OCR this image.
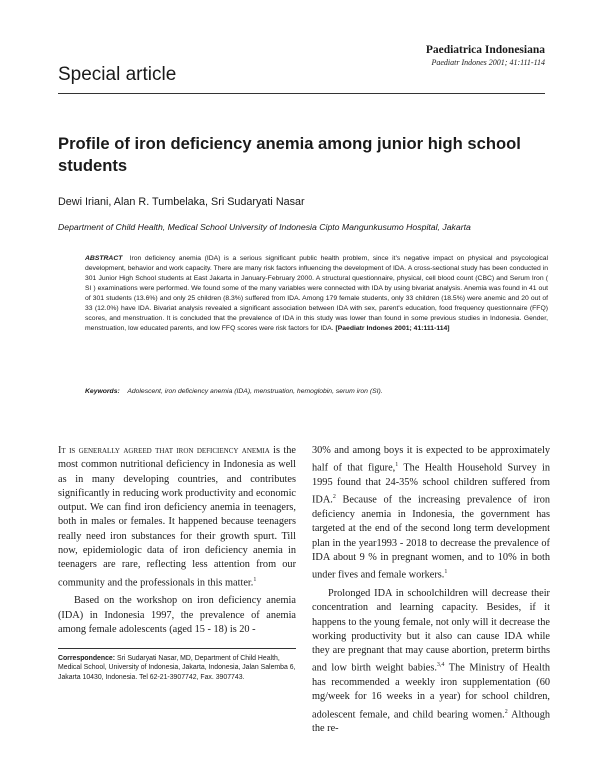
Paediatrica Indonesiana
Paediatr Indones 2001; 41:111-114
Special article
Profile of iron deficiency anemia among junior high school students
Dewi Iriani, Alan R. Tumbelaka, Sri Sudaryati Nasar
Department of Child Health, Medical School University of Indonesia Cipto Mangunkusumo Hospital, Jakarta
ABSTRACT Iron deficiency anemia (IDA) is a serious significant public health problem, since it's negative impact on physical and psycological development, behavior and work capacity. There are many risk factors influencing the development of IDA. A cross-sectional study has been conducted in 301 Junior High School students at East Jakarta in January-February 2000. A structural questionnaire, physical, cell blood count (CBC) and Serum Iron ( SI ) examinations were performed. We found some of the many variables were connected with IDA by using bivariat analysis. Anemia was found in 41 out of 301 students (13.6%) and only 25 children (8.3%) suffered from IDA. Among 179 female students, only 33 children (18.5%) were anemic and 20 out of 33 (12.0%) have IDA. Bivariat analysis revealed a significant association between IDA with sex, parent's education, food frequency questionnaire (FFQ) scores, and menstruation. It is concluded that the prevalence of IDA in this study was lower than found in some previous studies in Indonesia. Gender, menstruation, low educated parents, and low FFQ scores were risk factors for IDA. [Paediatr Indones 2001; 41:111-114]
Keywords: Adolescent, iron deficiency anemia (IDA), menstruation, hemoglobin, serum iron (SI).

It is generally agreed that iron deficiency anemia is the most common nutritional deficiency in Indonesia as well as in many developing countries, and contributes significantly in reducing work productivity and economic output. We can find iron deficiency anemia in teenagers, both in males or females. It happened because teenagers really need iron substances for their growth spurt. Till now, epidemiologic data of iron deficiency anemia in teenagers are rare, reflecting less attention from our community and the professionals in this matter.$^1$

Based on the workshop on iron deficiency anemia (IDA) in Indonesia 1997, the prevalence of anemia among female adolescents (aged 15 - 18) is 20 -

Correspondence: Sri Sudaryati Nasar, MD, Department of Child Health, Medical School, University of Indonesia, Jakarta, Indonesia, Jalan Salemba 6, Jakarta 10430, Indonesia. Tel 62-21-3907742, Fax. 3907743.

30% and among boys it is expected to be approximately half of that figure,$^1$ The Health Household Survey in 1995 found that 24-35% school children suffered from IDA.$^2$ Because of the increasing prevalence of iron deficiency anemia in Indonesia, the government has targeted at the end of the second long term development plan in the year1993 - 2018 to decrease the prevalence of IDA about 9 % in pregnant women, and to 10% in both under fives and female workers.$^1$

Prolonged IDA in schoolchildren will decrease their concentration and learning capacity. Besides, if it happens to the young female, not only will it decrease the working productivity but it also can cause IDA while they are pregnant that may cause abortion, preterm births and low birth weight babies.$^{3,4}$ The Ministry of Health has recommended a weekly iron supplementation (60 mg/week for 16 weeks in a year) for school children, adolescent female, and child bearing women.$^2$ Although the re-
